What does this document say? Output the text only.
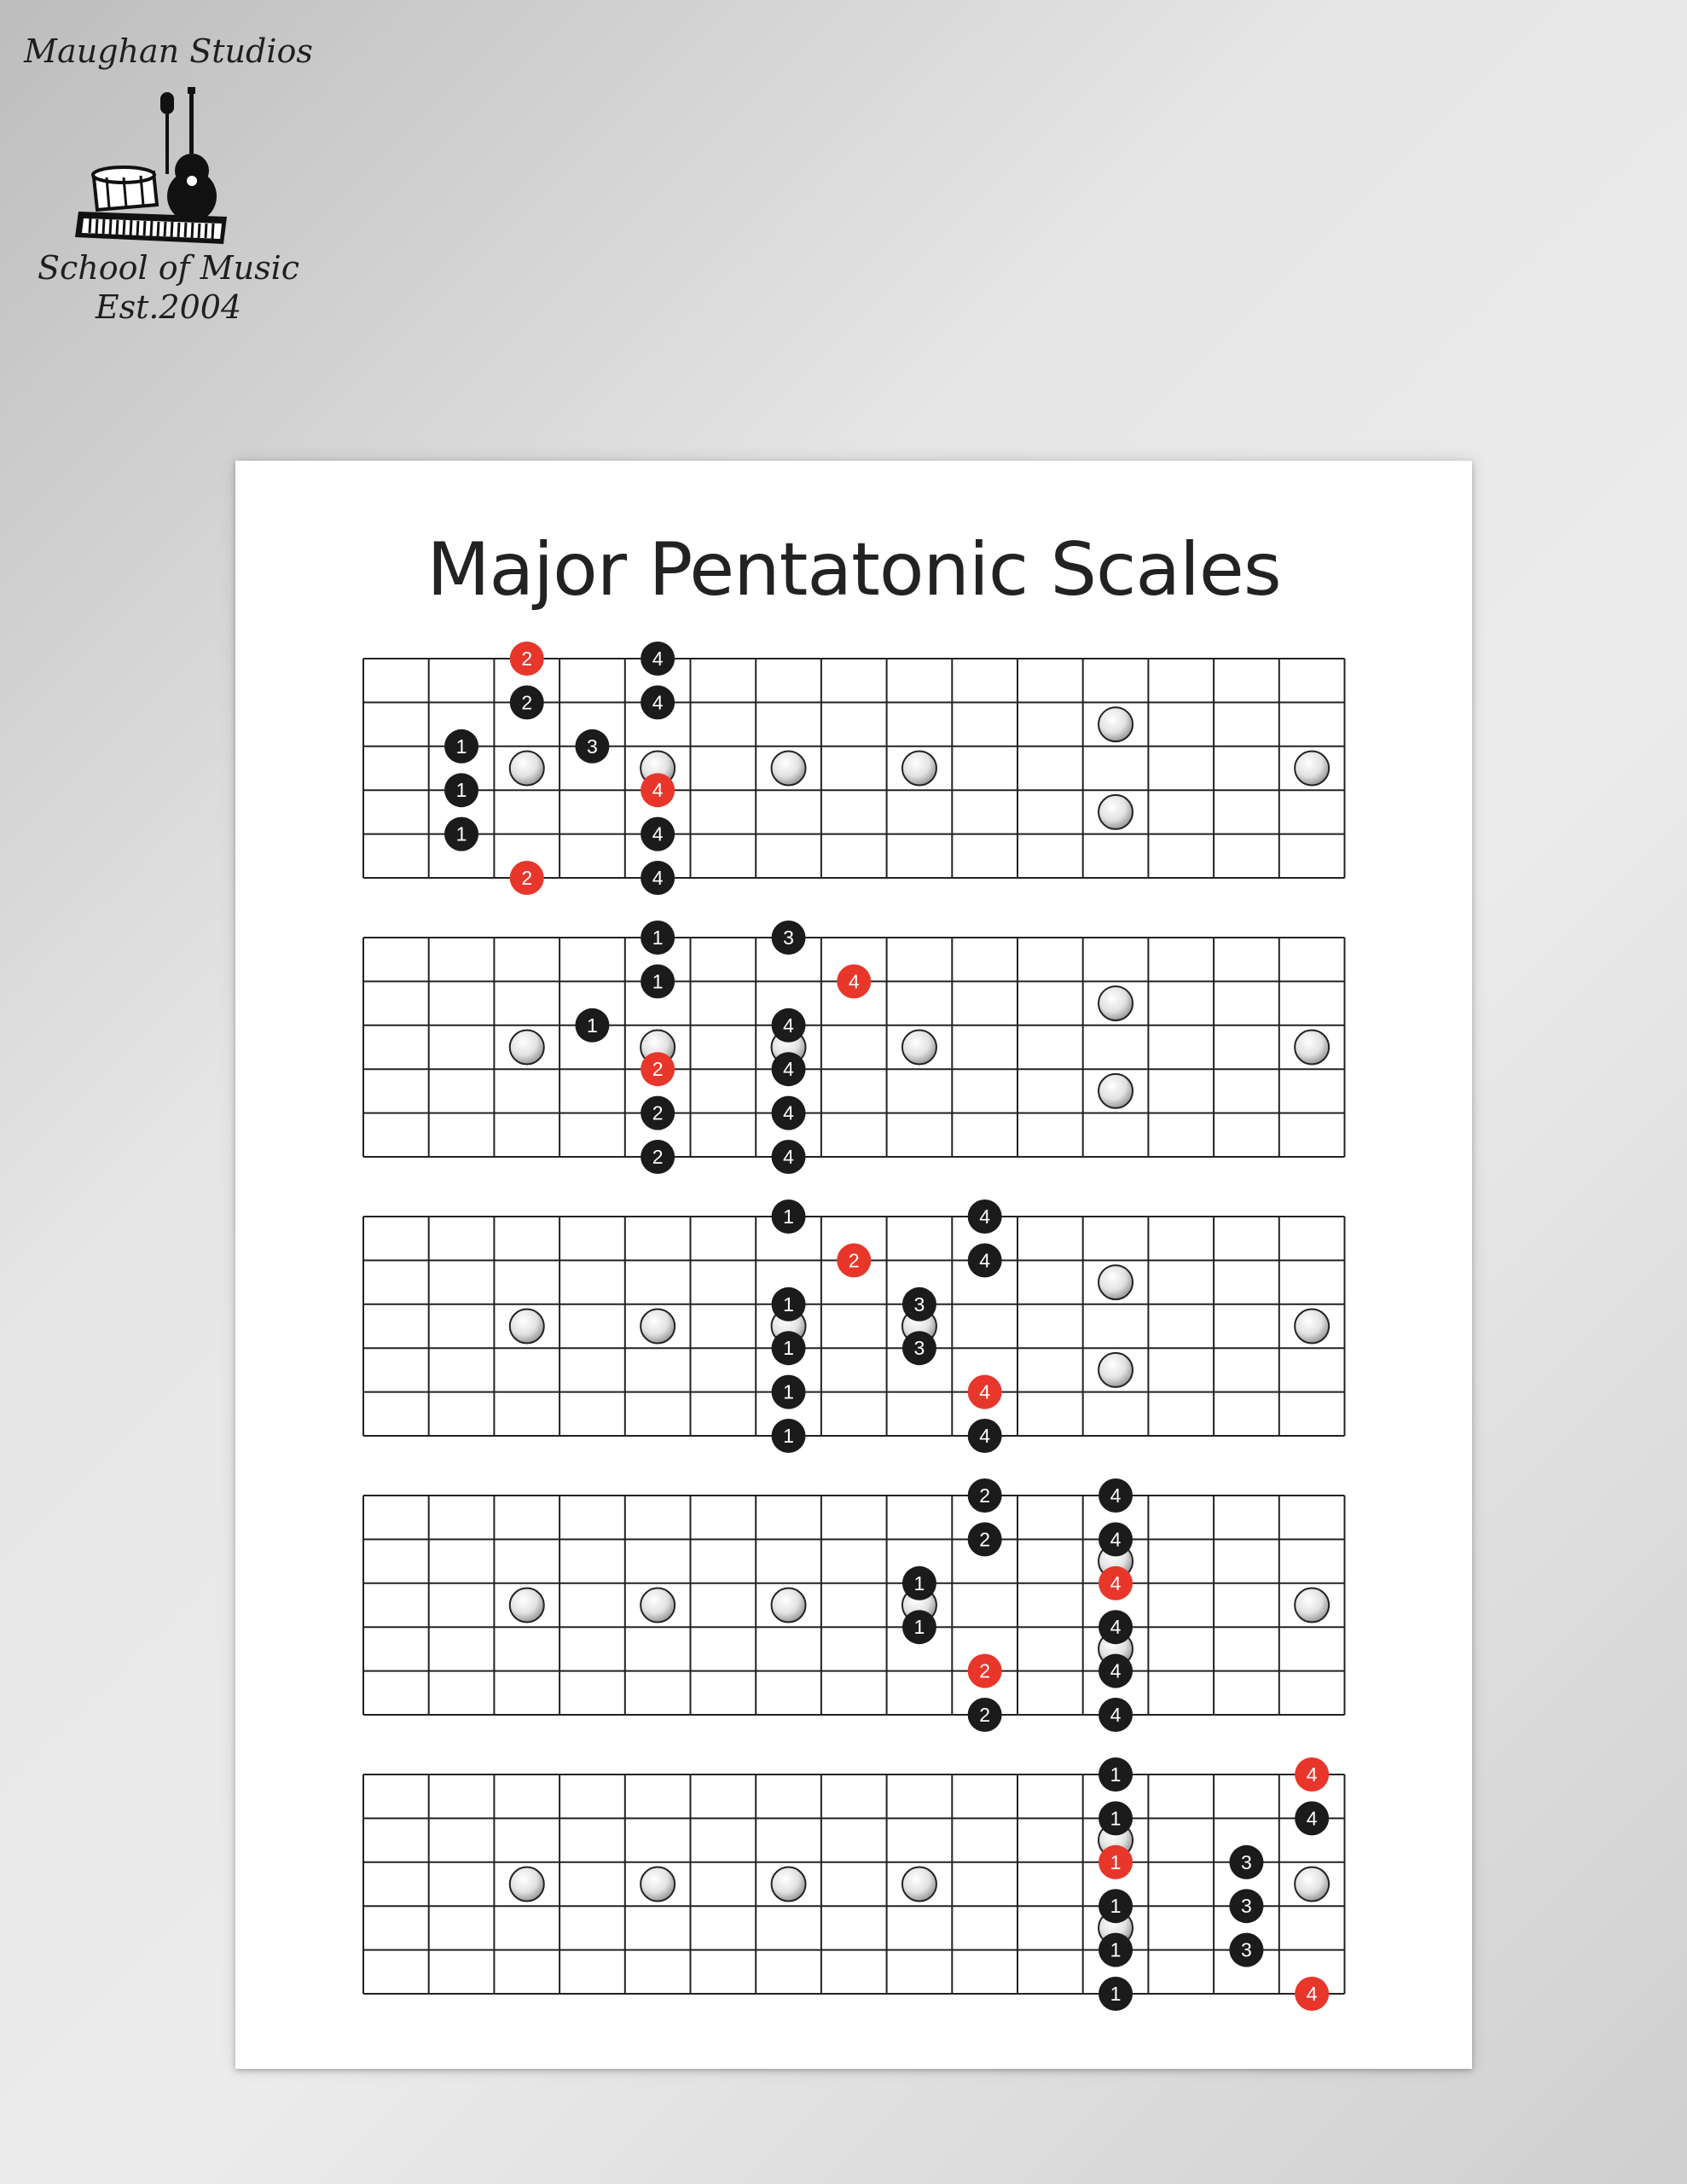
Maughan Studios
School of Music
Est.2004
Major Pentatonic Scales
2	4
2	4
1	3
1	4
1	4
2	4
1	3
1	4
1	4
2	4
2	4
2	4
1	4
2	4
1	3
1	3
1	4
1	4
2	4
2	4
1	4
1	4
2	4
2	4
1	4
1	4
1	3
1	3
1	3
1	4
